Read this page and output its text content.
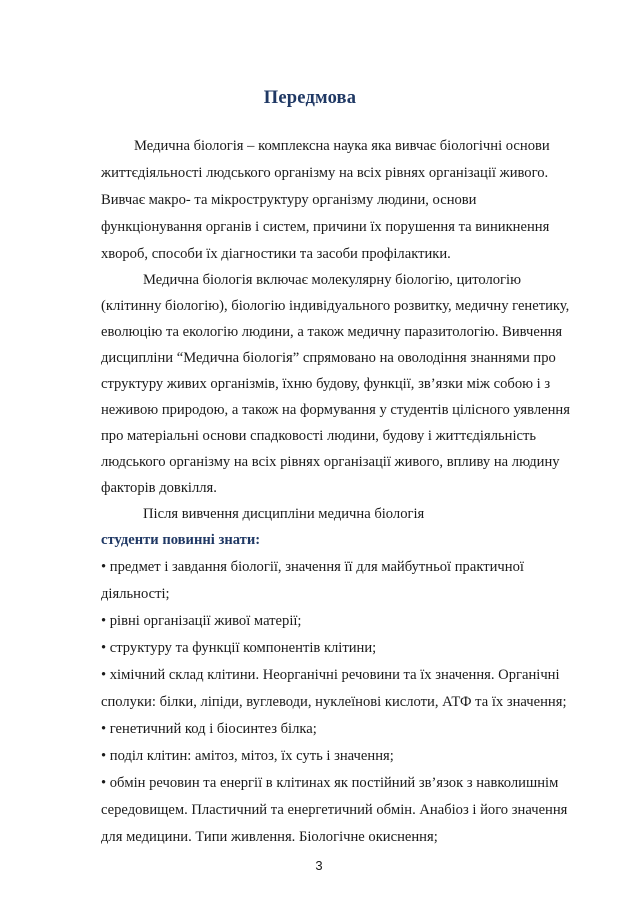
Передмова
Медична біологія – комплексна наука яка вивчає біологічні основи
життєдіяльності людського організму на всіх рівнях організації живого.
Вивчає макро- та мікроструктуру організму людини, основи
функціонування органів і систем, причини їх порушення та виникнення
хвороб, способи їх діагностики та засоби профілактики.
Медична біологія включає молекулярну біологію, цитологію
(клітинну біологію), біологію індивідуального розвитку, медичну генетику,
еволюцію та екологію людини, а також медичну паразитологію. Вивчення
дисципліни “Медична біологія” спрямовано на оволодіння знаннями про
структуру живих організмів, їхню будову, функції, зв’язки між собою і з
неживою природою, а також на формування у студентів цілісного уявлення
про матеріальні основи спадковості людини, будову і життєдіяльність
людського організму на всіх рівнях організації живого, впливу на людину
факторів довкілля.
Після вивчення дисципліни медична біологія
студенти повинні знати:
• предмет і завдання біології, значення її для майбутньої практичної
діяльності;
• рівні організації живої матерії;
• структуру та функції компонентів клітини;
• хімічний склад клітини. Неорганічні речовини та їх значення. Органічні
сполуки: білки, ліпіди, вуглеводи, нуклеїнові кислоти, АТФ та їх значення;
• генетичний код і біосинтез білка;
• поділ клітин: амітоз, мітоз, їх суть і значення;
• обмін речовин та енергії в клітинах як постійний зв’язок з навколишнім
середовищем. Пластичний та енергетичний обмін. Анабіоз і його значення
для медицини. Типи живлення. Біологічне окиснення;
3
